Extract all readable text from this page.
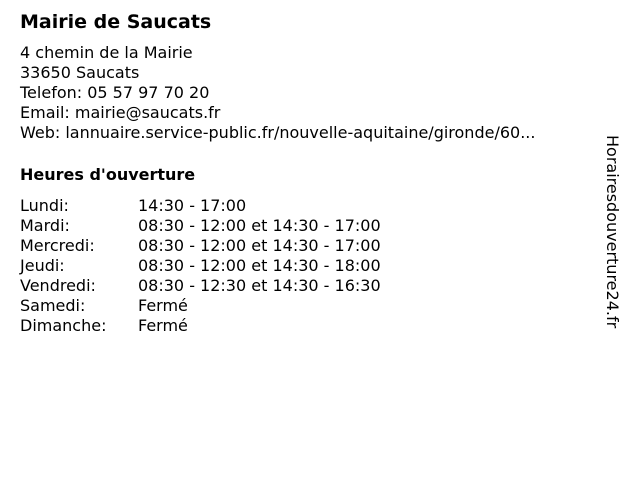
Mairie de Saucats
4 chemin de la Mairie
33650 Saucats
Telefon: 05 57 97 70 20
Email: mairie@saucats.fr
Web: lannuaire.service-public.fr/nouvelle-aquitaine/gironde/60...
Heures d'ouverture
Lundi:	14:30 - 17:00
Mardi:	08:30 - 12:00 et 14:30 - 17:00
Mercredi:	08:30 - 12:00 et 14:30 - 17:00
Jeudi:	08:30 - 12:00 et 14:30 - 18:00
Vendredi:	08:30 - 12:30 et 14:30 - 16:30
Samedi:	Fermé
Dimanche:	Fermé	Horairesdouverture24.fr
